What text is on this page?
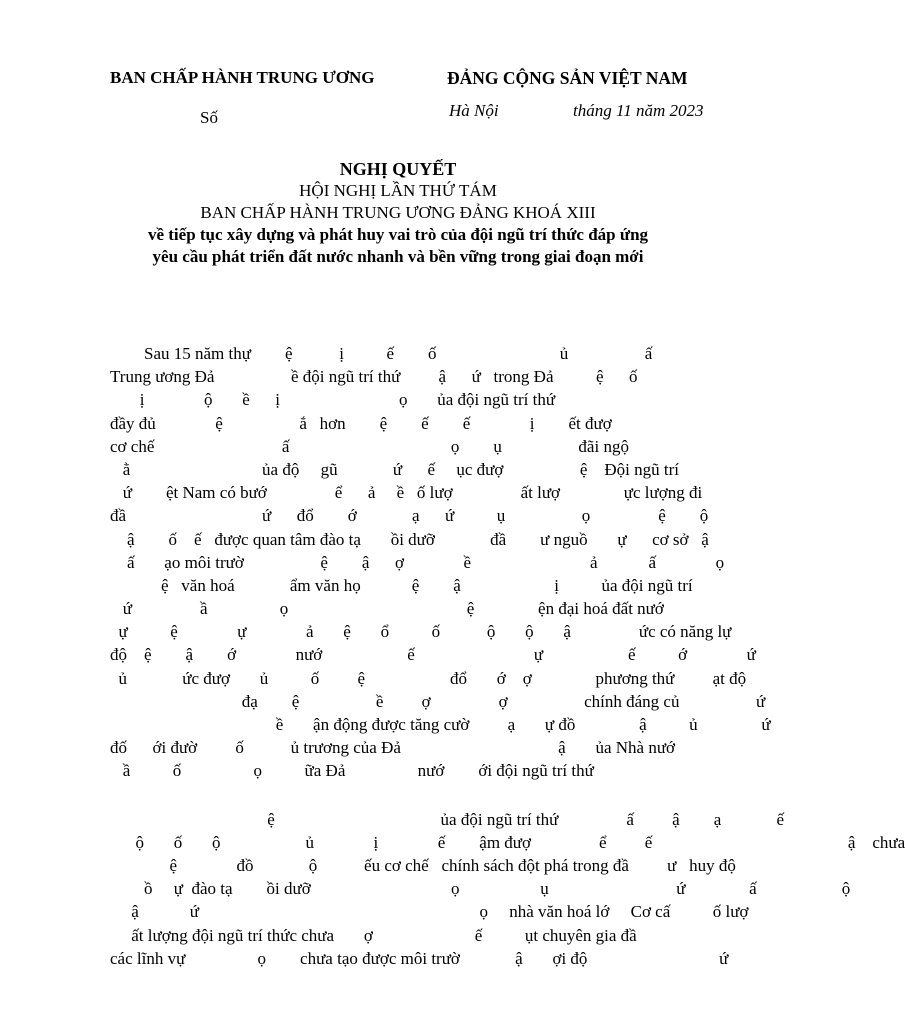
BAN CHẤP HÀNH TRUNG ƯƠNG	ĐẢNG CỘNG SẢN VIỆT NAM
Số	Hà Nội	tháng 11 năm 2023
NGHỊ QUYẾT
HỘI NGHỊ LẦN THỨ TÁM
BAN CHẤP HÀNH TRUNG ƯƠNG ĐẢNG KHOÁ XIII
về tiếp tục xây dựng và phát huy vai trò của đội ngũ trí thức đáp ứng
yêu cầu phát triển đất nước nhanh và bền vững trong giai đoạn mới
Sau 15 năm thự        ệ           ị          ế        ố                             ủ                  ấ
Trung ương Đả                  ề đội ngũ trí thứ         ậ      ứ   trong Đả          ệ      ố
ị              ộ       ề      ị                            ọ       ủa đội ngũ trí thứ
đầy đủ              ệ                  ắ   hơn        ệ        ế        ế              ị        ết đượ
cơ chế                              ấ                                      ọ        ụ                  đãi ngộ
ằ                               ủa độ     gũ             ứ      ế     ục đượ                  ệ    Đội ngũ trí
ứ        ệt Nam có bướ                ể      ả     ề   ố lượ                ất lượ               ực lượng đi
đầ                                ứ      đổ        ớ             ạ      ứ          ụ                  ọ                ệ        ộ
ậ        ố    ế   được quan tâm đào tạ       ồi dưỡ             đầ        ư nguồ       ự      cơ sở   ậ
ấ       ạo môi trườ                  ệ        ậ      ợ              ề                            ả            ấ              ọ
ệ   văn hoá             ẩm văn họ            ệ        ậ                      ị          ủa đội ngũ trí
ứ                ầ                 ọ                                          ệ               ện đại hoá đất nướ
ự          ệ              ự              ả       ệ       ổ          ố           ộ       ộ       ậ                ức có năng lự
độ    ệ        ậ        ớ              nướ                    ế                            ự                    ế          ớ              ứ
ủ             ức đượ       ủ          ố         ệ                    đổ       ớ    ợ               phương thứ         ạt độ
đạ        ệ                  ề         ợ                ợ                  chính đáng củ                  ứ
ề       ận động được tăng cườ         ạ       ự đồ               ậ          ủ               ứ
đố      ới đườ         ố           ủ trương của Đả                                     ậ       ủa Nhà nướ
ầ          ố                 ọ          ữa Đả                 nướ        ới đội ngũ trí thứ
ệ                                       ủa đội ngũ trí thứ                ấ         ậ        ạ             ế
ộ       ố       ộ                    ủ              ị              ế        ậm đượ                ể         ế                                              ậ    chưa
ệ              đồ             ộ           ếu cơ chế   chính sách đột phá trong đầ         ư   huy độ
ồ     ự  đào tạ        ồi dưỡ                                 ọ                   ụ                              ứ               ấ                    ộ
ậ            ứ                                                                  ọ     nhà văn hoá lớ     Cơ cấ          ố lượ
ất lượng đội ngũ trí thức chưa       ợ                        ế          ụt chuyên gia đầ
các lĩnh vự                 ọ        chưa tạo được môi trườ             ậ       ợi độ                               ứ
